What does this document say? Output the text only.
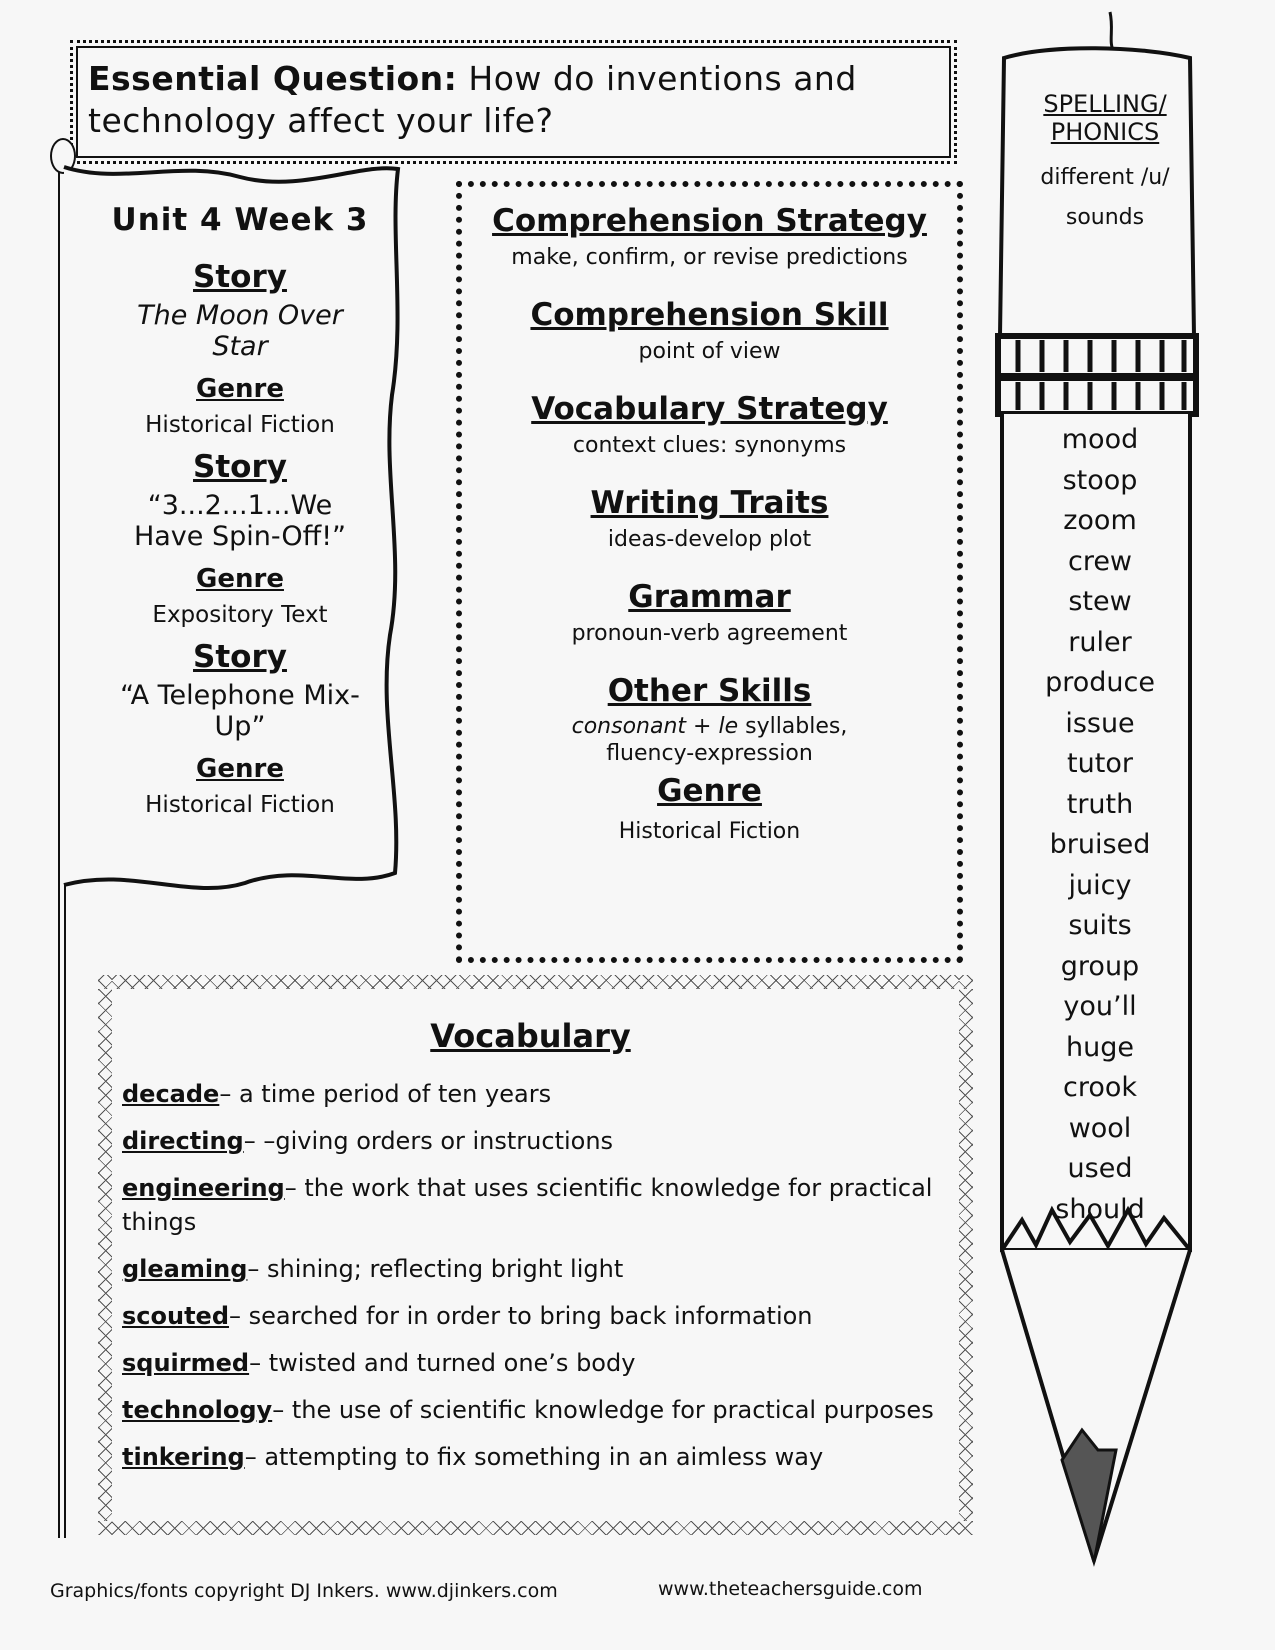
Essential Question: How do inventions and technology affect your life?
Unit 4 Week 3
Story
The Moon Over Star
Genre
Historical Fiction
Story
“3...2...1...We Have Spin-Off!”
Genre
Expository Text
Story
“A Telephone Mix-Up”
Genre
Historical Fiction
Comprehension Strategy
make, confirm, or revise predictions
Comprehension Skill
point of view
Vocabulary Strategy
context clues: synonyms
Writing Traits
ideas-develop plot
Grammar
pronoun-verb agreement
Other Skills
consonant + le syllables,
fluency-expression
Genre
Historical Fiction
Vocabulary
decade– a time period of ten years
directing– –giving orders or instructions
engineering– the work that uses scientific knowledge for practical things
gleaming– shining; reflecting bright light
scouted– searched for in order to bring back information
squirmed– twisted and turned one’s body
technology– the use of scientific knowledge for practical purposes
tinkering– attempting to fix something in an aimless way
SPELLING/
PHONICS
different /u/
sounds
mood
stoop
zoom
crew
stew
ruler
produce
issue
tutor
truth
bruised
juicy
suits
group
you’ll
huge
crook
wool
used
should
Graphics/fonts copyright DJ Inkers. www.djinkers.com	www.theteachersguide.com
